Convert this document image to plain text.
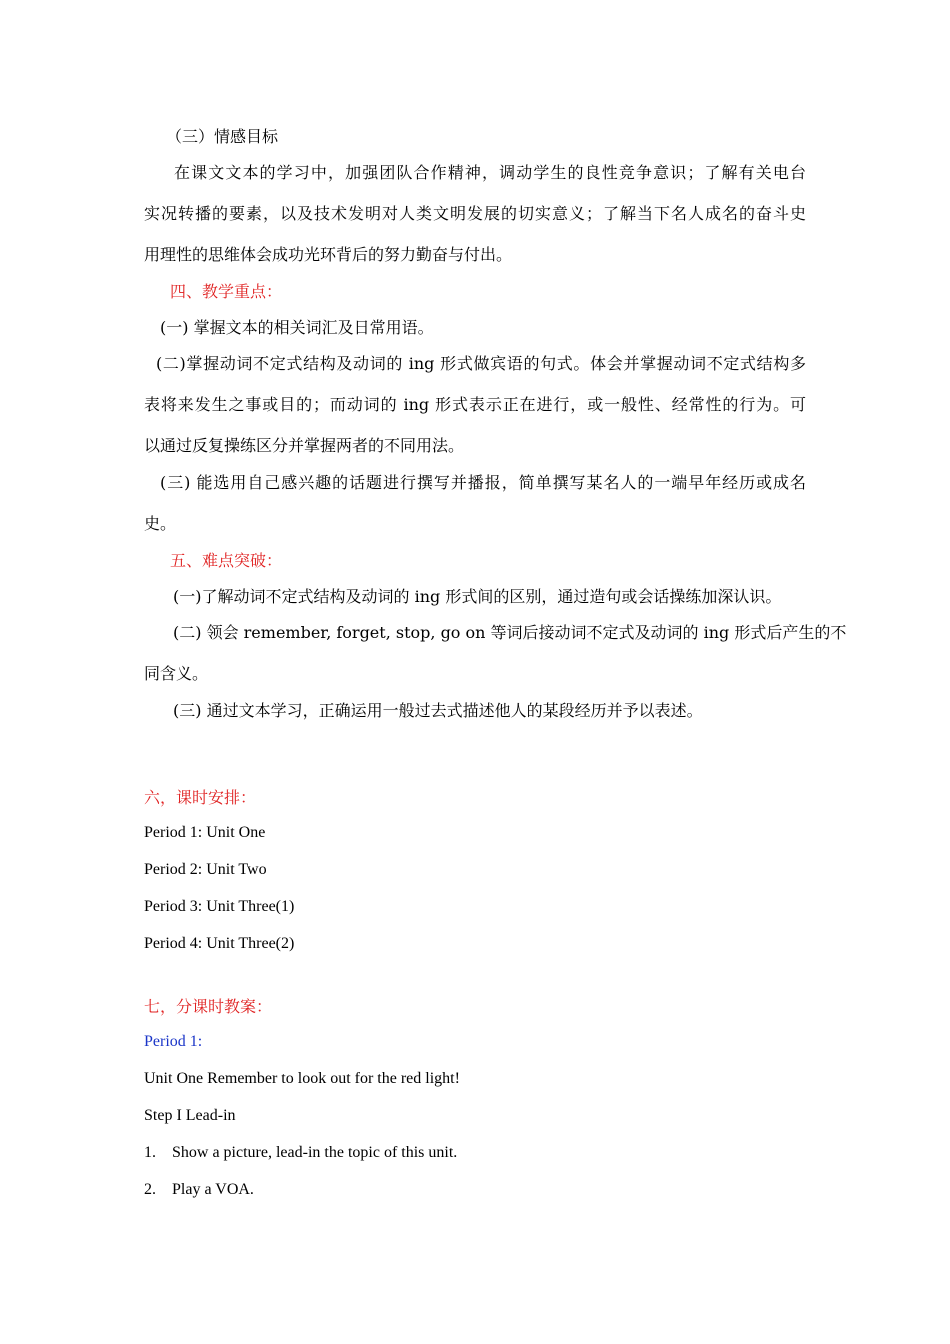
（三）情感目标
在课文文本的学习中，加强团队合作精神，调动学生的良性竞争意识；了解有关电台
实况转播的要素，以及技术发明对人类文明发展的切实意义；了解当下名人成名的奋斗史
用理性的思维体会成功光环背后的努力勤奋与付出。
四、教学重点：
(一) 掌握文本的相关词汇及日常用语。
(二)掌握动词不定式结构及动词的 ing 形式做宾语的句式。体会并掌握动词不定式结构多
表将来发生之事或目的；而动词的 ing 形式表示正在进行，或一般性、经常性的行为。可
以通过反复操练区分并掌握两者的不同用法。
(三) 能选用自己感兴趣的话题进行撰写并播报，简单撰写某名人的一端早年经历或成名
史。
五、难点突破：
(一)了解动词不定式结构及动词的 ing 形式间的区别，通过造句或会话操练加深认识。
(二) 领会 remember, forget, stop, go on 等词后接动词不定式及动词的 ing 形式后产生的不
同含义。
(三) 通过文本学习，正确运用一般过去式描述他人的某段经历并予以表述。
六，课时安排：
Period 1: Unit One
Period 2: Unit Two
Period 3: Unit Three(1)
Period 4: Unit Three(2)
七，分课时教案：
Period 1:
Unit One Remember to look out for the red light!
Step I Lead-in
1. Show a picture, lead-in the topic of this unit.
2. Play a VOA.
